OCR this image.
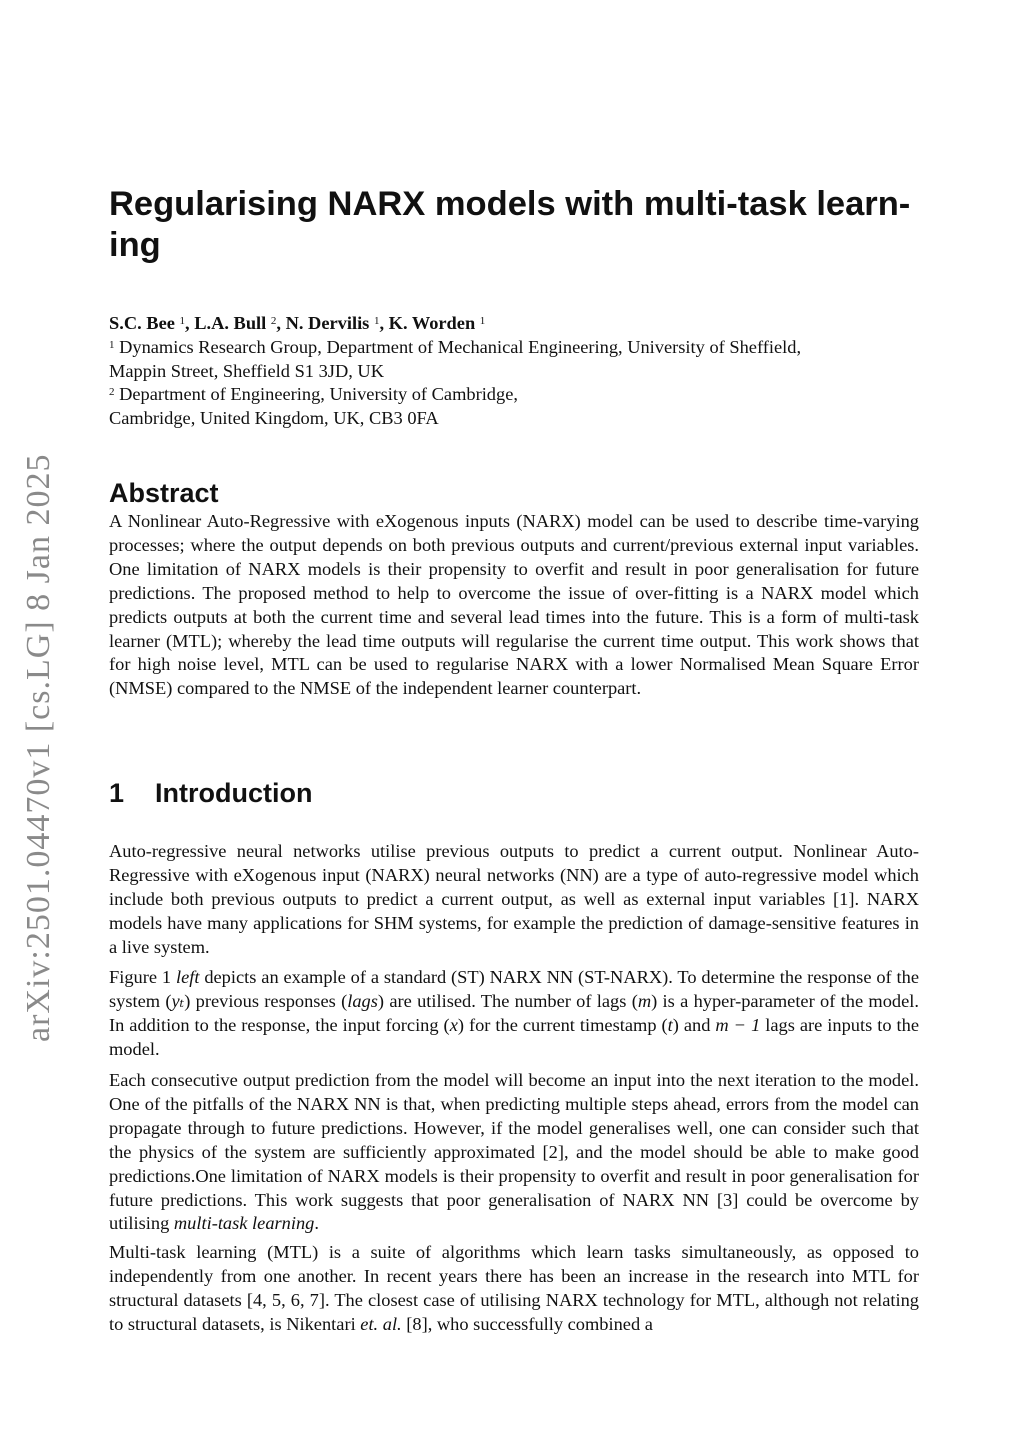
arXiv:2501.04470v1 [cs.LG] 8 Jan 2025
Regularising NARX models with multi-task learn-
ing
S.C. Bee $^1$, L.A. Bull $^2$, N. Dervilis $^1$, K. Worden $^1$
$^1$ Dynamics Research Group, Department of Mechanical Engineering, University of Sheffield,
Mappin Street, Sheffield S1 3JD, UK
$^2$ Department of Engineering, University of Cambridge,
Cambridge, United Kingdom, UK, CB3 0FA
Abstract

A Nonlinear Auto-Regressive with eXogenous inputs (NARX) model can be used to describe time-varying processes; where the output depends on both previous outputs and current/previous external input variables. One limitation of NARX models is their propensity to overfit and result in poor generalisation for future predictions. The proposed method to help to overcome the issue of over-fitting is a NARX model which predicts outputs at both the current time and several lead times into the future. This is a form of multi-task learner (MTL); whereby the lead time outputs will regularise the current time output. This work shows that for high noise level, MTL can be used to regularise NARX with a lower Normalised Mean Square Error (NMSE) compared to the NMSE of the independent learner counterpart.

1 Introduction

Auto-regressive neural networks utilise previous outputs to predict a current output. Nonlinear Auto-Regressive with eXogenous input (NARX) neural networks (NN) are a type of auto-regressive model which include both previous outputs to predict a current output, as well as external input variables [1]. NARX models have many applications for SHM systems, for example the prediction of damage-sensitive features in a live system.

Figure 1 left depicts an example of a standard (ST) NARX NN (ST-NARX). To determine the response of the system (yₜ) previous responses (lags) are utilised. The number of lags (m) is a hyper-parameter of the model. In addition to the response, the input forcing (x) for the current timestamp (t) and m − 1 lags are inputs to the model.

Each consecutive output prediction from the model will become an input into the next iteration to the model. One of the pitfalls of the NARX NN is that, when predicting multiple steps ahead, errors from the model can propagate through to future predictions. However, if the model generalises well, one can consider such that the physics of the system are sufficiently approximated [2], and the model should be able to make good predictions.One limitation of NARX models is their propensity to overfit and result in poor generalisation for future predictions. This work suggests that poor generalisation of NARX NN [3] could be overcome by utilising multi-task learning.

Multi-task learning (MTL) is a suite of algorithms which learn tasks simultaneously, as opposed to independently from one another. In recent years there has been an increase in the research into MTL for structural datasets [4, 5, 6, 7]. The closest case of utilising NARX technology for MTL, although not relating to structural datasets, is Nikentari et. al. [8], who successfully combined a
